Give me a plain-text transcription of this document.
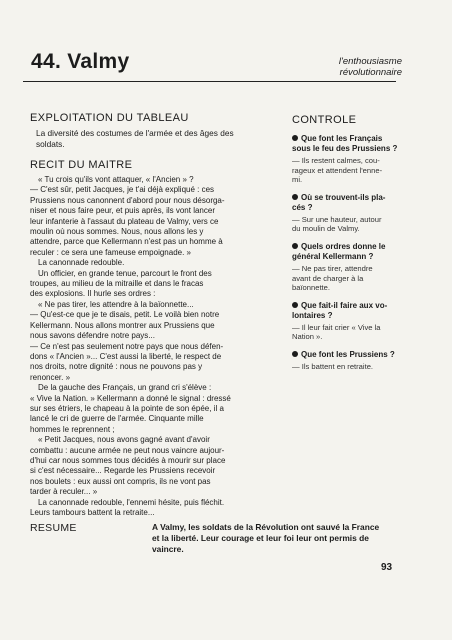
44. Valmy	l'enthousiasme
révolutionnaire
EXPLOITATION DU TABLEAU

La diversité des costumes de l'armée et des âges des

soldats.

RECIT DU MAITRE

« Tu crois qu'ils vont attaquer, « l'Ancien » ?

— C'est sûr, petit Jacques, je t'ai déjà expliqué : ces

Prussiens nous canonnent d'abord pour nous désorga-

niser et nous faire peur, et puis après, ils vont lancer

leur infanterie à l'assaut du plateau de Valmy, vers ce

moulin où nous sommes. Nous, nous allons les y

attendre, parce que Kellermann n'est pas un homme à

reculer : ce sera une fameuse empoignade. »

La canonnade redouble.

Un officier, en grande tenue, parcourt le front des

troupes, au milieu de la mitraille et dans le fracas

des explosions. Il hurle ses ordres :

« Ne pas tirer, les attendre à la baïonnette...

— Qu'est-ce que je te disais, petit. Le voilà bien notre

Kellermann. Nous allons montrer aux Prussiens que

nous savons défendre notre pays...

— Ce n'est pas seulement notre pays que nous défen-

dons « l'Ancien »... C'est aussi la liberté, le respect de

nos droits, notre dignité : nous ne pouvons pas y

renoncer. »

De la gauche des Français, un grand cri s'élève :

« Vive la Nation. » Kellermann a donné le signal : dressé

sur ses étriers, le chapeau à la pointe de son épée, il a

lancé le cri de guerre de l'armée. Cinquante mille

hommes le reprennent ;

« Petit Jacques, nous avons gagné avant d'avoir

combattu : aucune armée ne peut nous vaincre aujour-

d'hui car nous sommes tous décidés à mourir sur place

si c'est nécessaire... Regarde les Prussiens recevoir

nos boulets : eux aussi ont compris, ils ne vont pas

tarder à reculer... »

La canonnade redouble, l'ennemi hésite, puis fléchit.

Leurs tambours battent la retraite...

CONTROLE

Que font les Français

sous le feu des Prussiens ?

— Ils restent calmes, cou-

rageux et attendent l'enne-

mi.

Où se trouvent-ils pla-

cés ?

— Sur une hauteur, autour

du moulin de Valmy.

Quels ordres donne le

général Kellermann ?

— Ne pas tirer, attendre

avant de charger à la

baïonnette.

Que fait-il faire aux vo-

lontaires ?

— Il leur fait crier « Vive la

Nation ».

Que font les Prussiens ?

— Ils battent en retraite.

RESUME	A Valmy, les soldats de la Révolution ont sauvé la France
et la liberté. Leur courage et leur foi leur ont permis de vaincre.
93
